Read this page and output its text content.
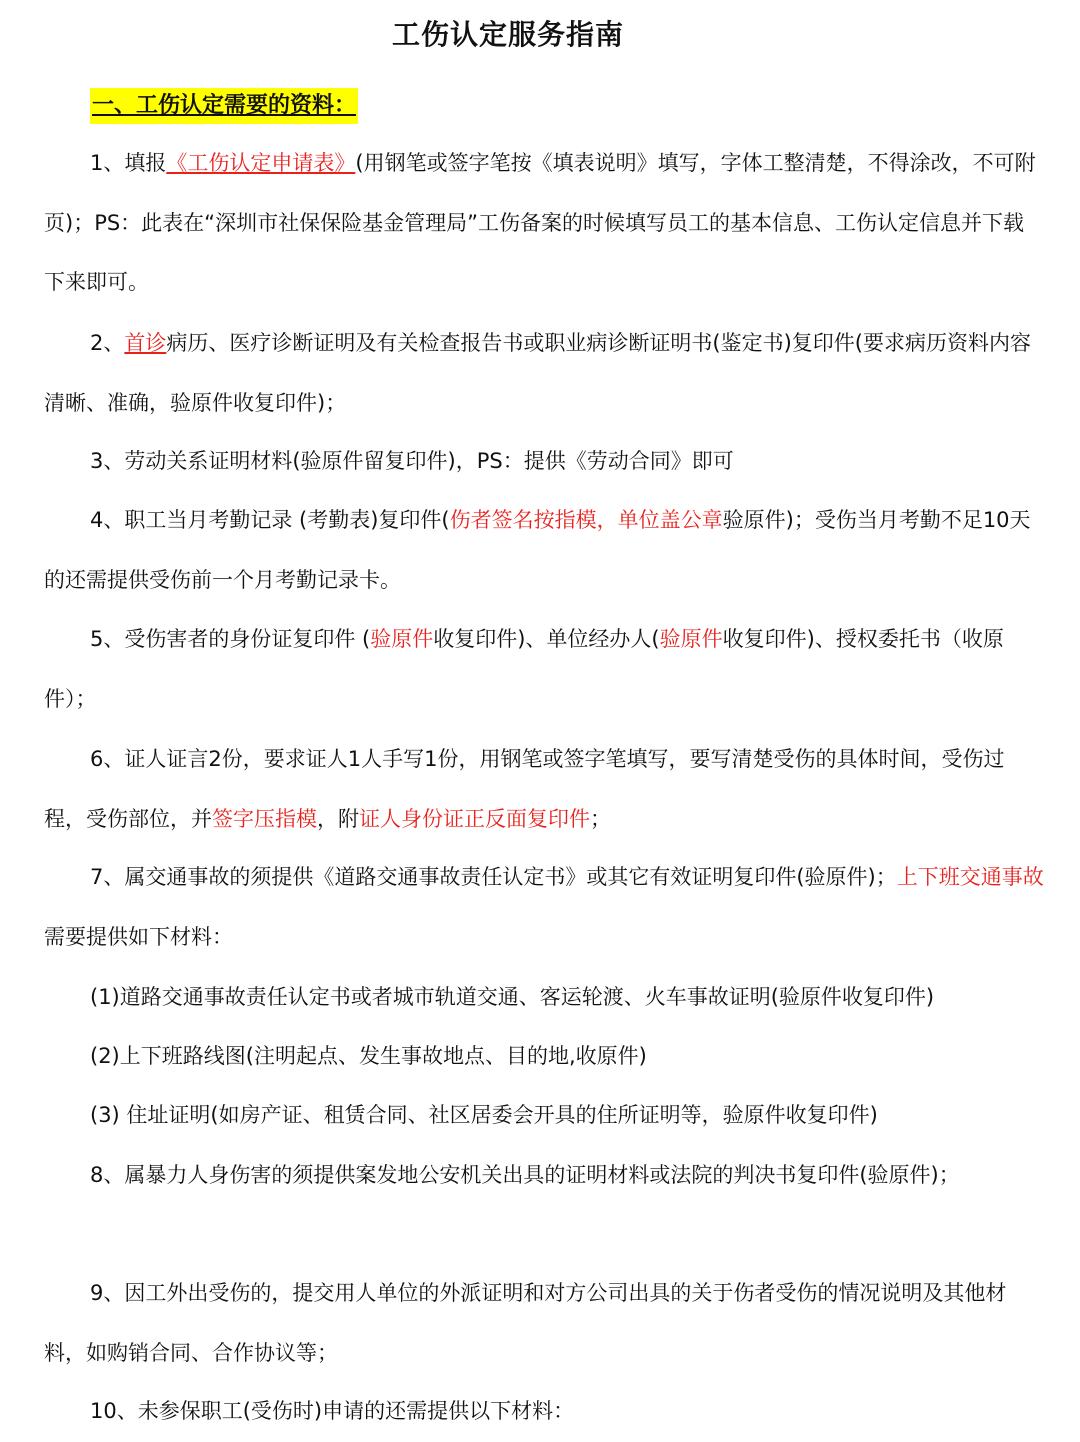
工伤认定服务指南
一、工伤认定需要的资料：

1、填报《工伤认定申请表》(用钢笔或签字笔按《填表说明》填写，字体工整清楚，不得涂改，不可附页)；PS：此表在“深圳市社保保险基金管理局”工伤备案的时候填写员工的基本信息、工伤认定信息并下载下来即可。

2、首诊病历、医疗诊断证明及有关检查报告书或职业病诊断证明书(鉴定书)复印件(要求病历资料内容清晰、准确，验原件收复印件)；

3、劳动关系证明材料(验原件留复印件)，PS：提供《劳动合同》即可

4、职工当月考勤记录 (考勤表)复印件(伤者签名按指模，单位盖公章验原件)；受伤当月考勤不足10天的还需提供受伤前一个月考勤记录卡。

5、受伤害者的身份证复印件 (验原件收复印件)、单位经办人(验原件收复印件)、授权委托书（收原件）；

6、证人证言2份，要求证人1人手写1份，用钢笔或签字笔填写，要写清楚受伤的具体时间，受伤过程，受伤部位，并签字压指模，附证人身份证正反面复印件；

7、属交通事故的须提供《道路交通事故责任认定书》或其它有效证明复印件(验原件)；上下班交通事故需要提供如下材料：

(1)道路交通事故责任认定书或者城市轨道交通、客运轮渡、火车事故证明(验原件收复印件)

(2)上下班路线图(注明起点、发生事故地点、目的地,收原件)

(3) 住址证明(如房产证、租赁合同、社区居委会开具的住所证明等，验原件收复印件)

8、属暴力人身伤害的须提供案发地公安机关出具的证明材料或法院的判决书复印件(验原件)；

9、因工外出受伤的，提交用人单位的外派证明和对方公司出具的关于伤者受伤的情况说明及其他材料，如购销合同、合作协议等；

10、未参保职工(受伤时)申请的还需提供以下材料：
